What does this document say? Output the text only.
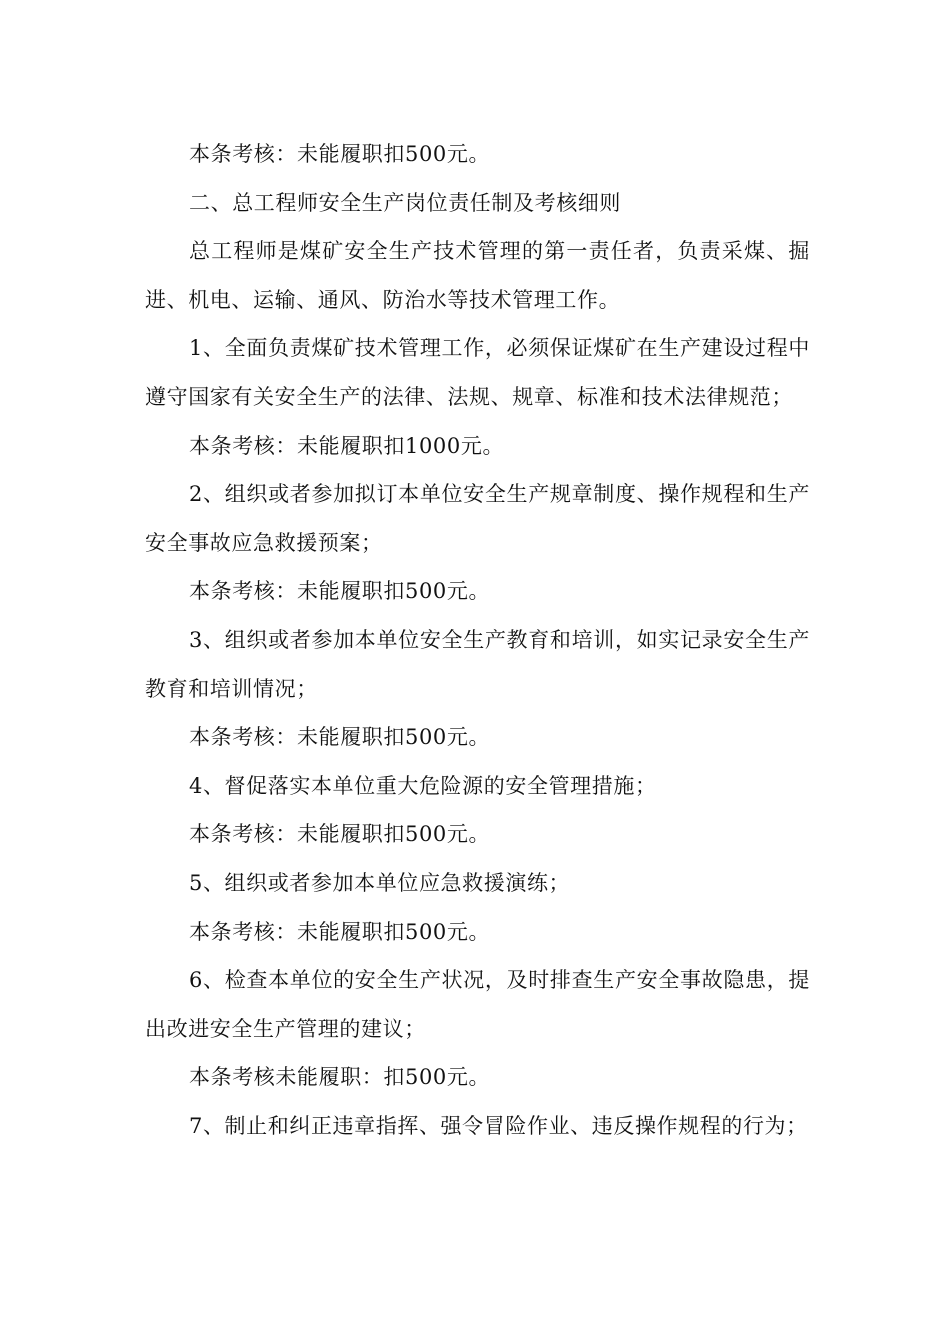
本条考核：未能履职扣500元。

二、总工程师安全生产岗位责任制及考核细则

总工程师是煤矿安全生产技术管理的第一责任者，负责采煤、掘进、机电、运输、通风、防治水等技术管理工作。

1、全面负责煤矿技术管理工作，必须保证煤矿在生产建设过程中遵守国家有关安全生产的法律、法规、规章、标准和技术法律规范；

本条考核：未能履职扣1000元。

2、组织或者参加拟订本单位安全生产规章制度、操作规程和生产安全事故应急救援预案；

本条考核：未能履职扣500元。

3、组织或者参加本单位安全生产教育和培训，如实记录安全生产教育和培训情况；

本条考核：未能履职扣500元。

4、督促落实本单位重大危险源的安全管理措施；

本条考核：未能履职扣500元。

5、组织或者参加本单位应急救援演练；

本条考核：未能履职扣500元。

6、检查本单位的安全生产状况，及时排查生产安全事故隐患，提出改进安全生产管理的建议；

本条考核未能履职：扣500元。

7、制止和纠正违章指挥、强令冒险作业、违反操作规程的行为；
